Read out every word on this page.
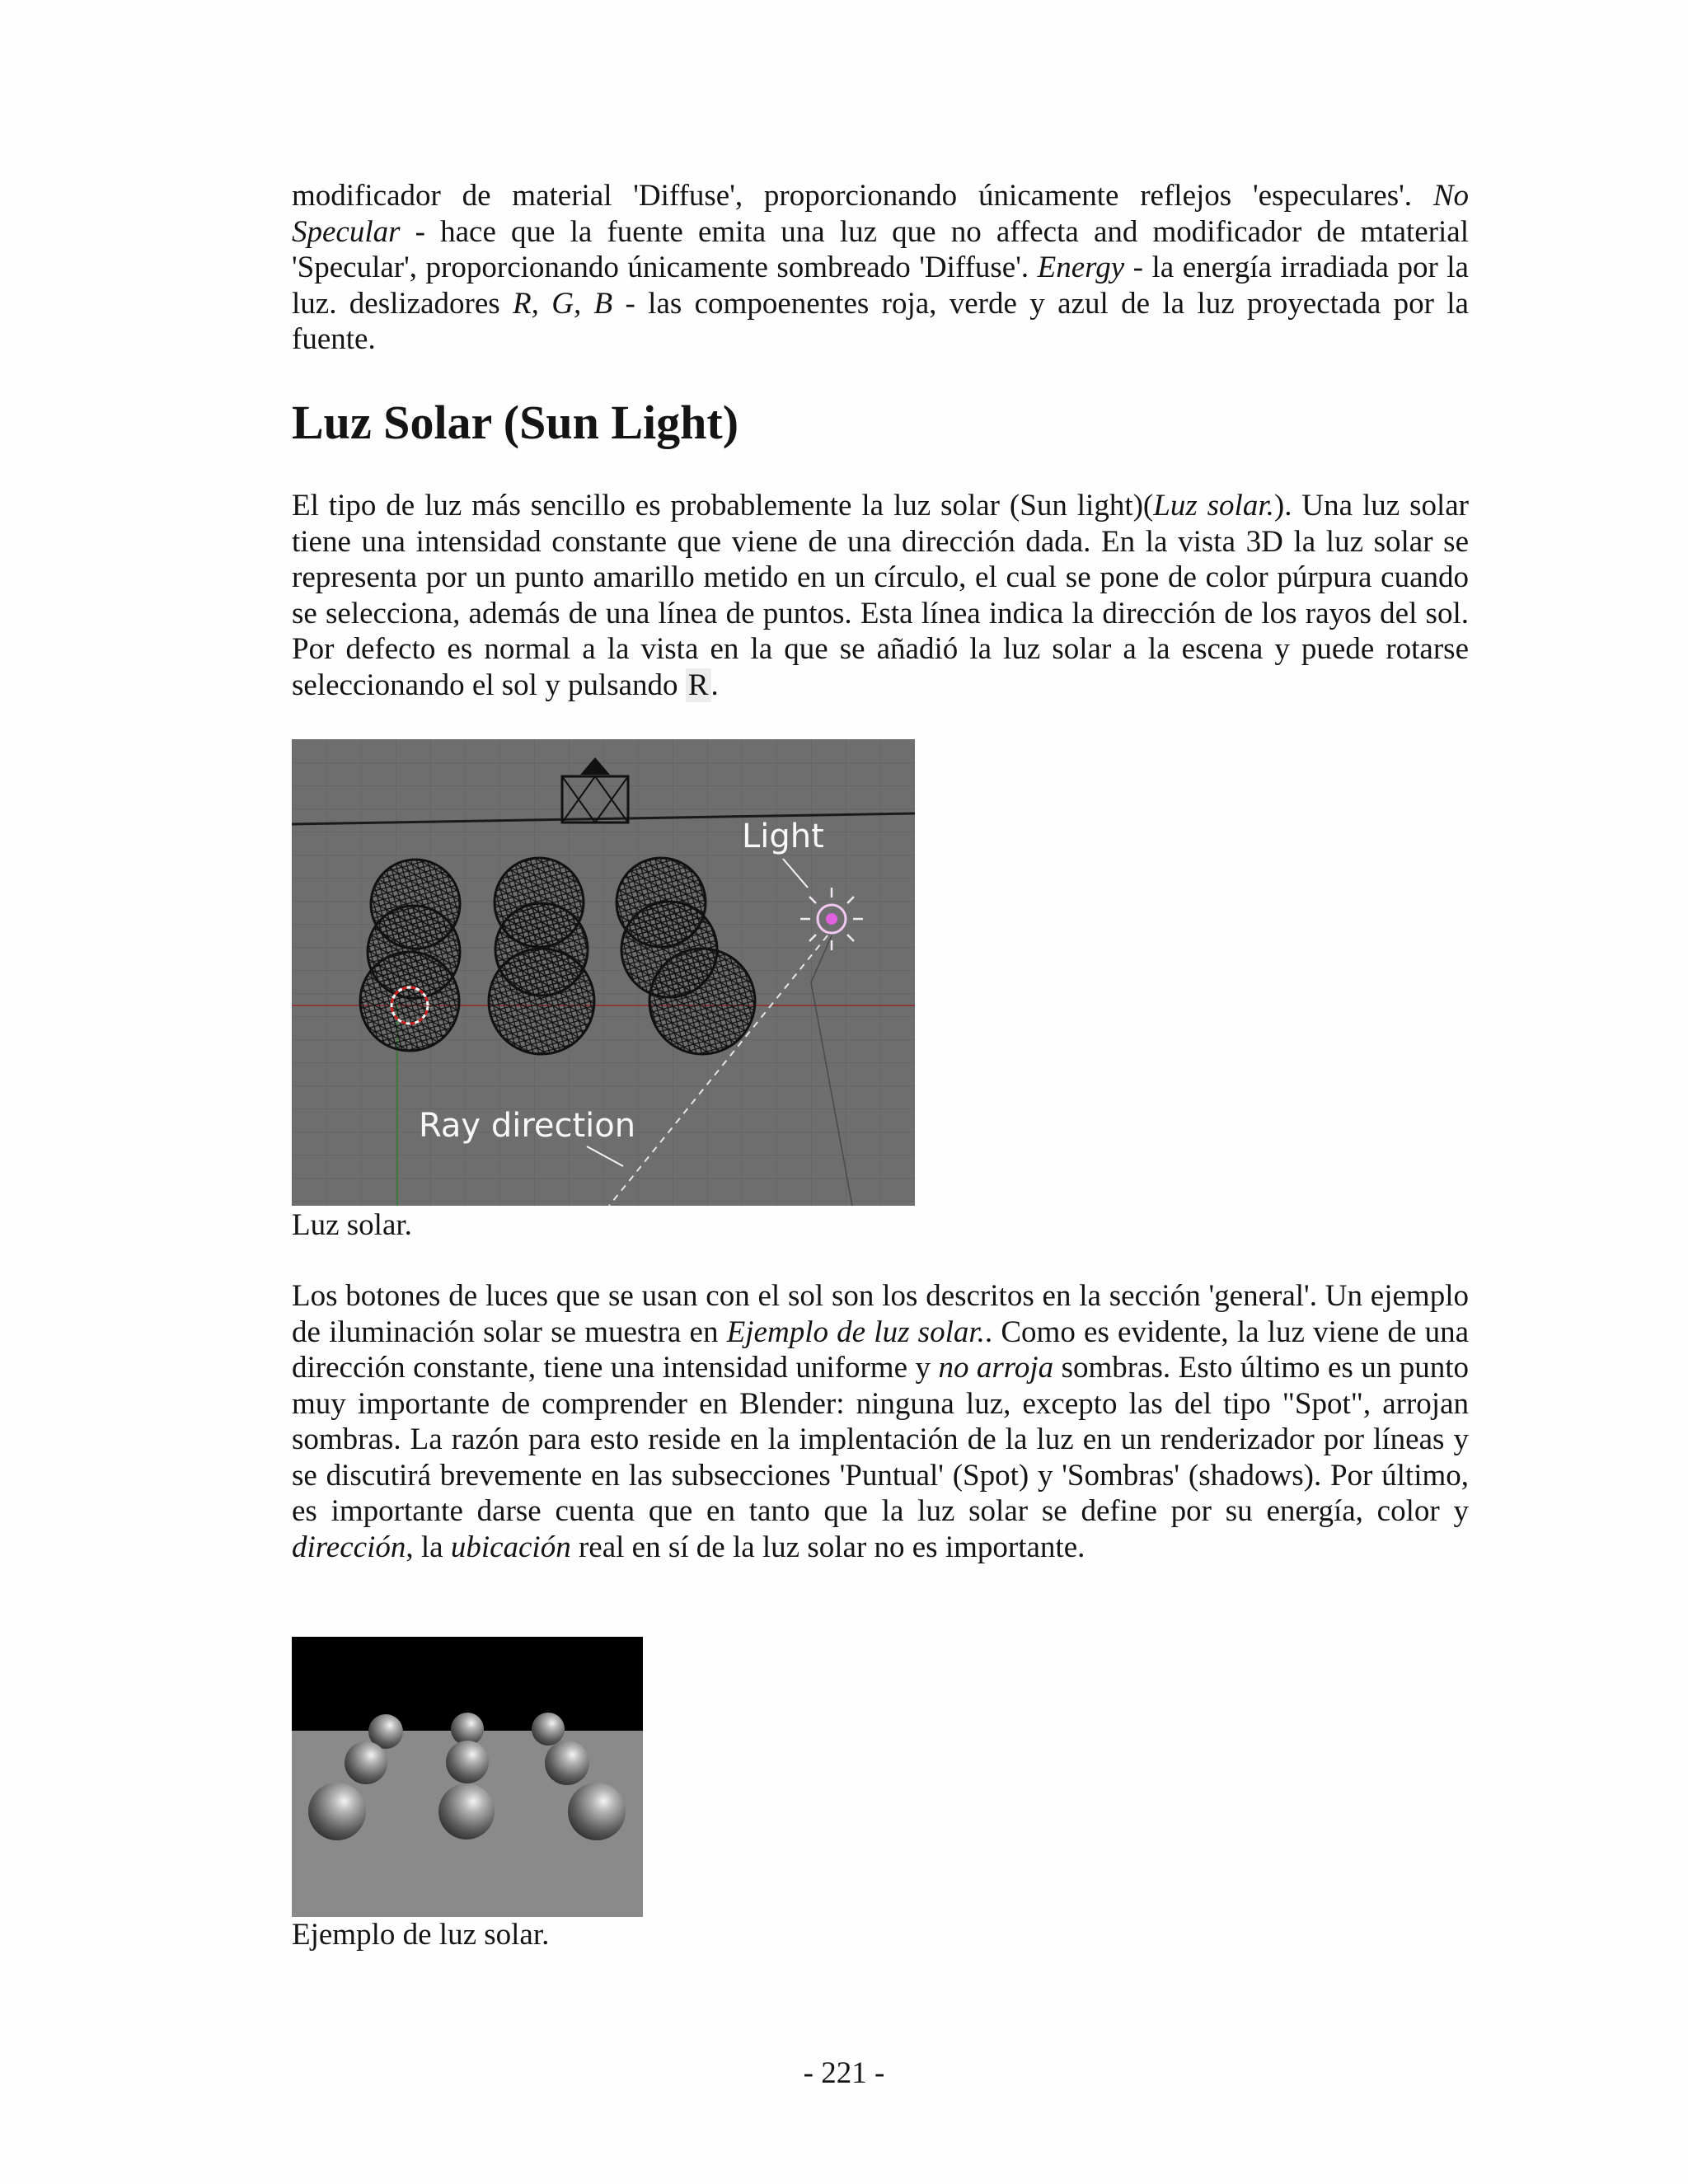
modificador de material 'Diffuse', proporcionando únicamente reflejos 'especulares'. No Specular - hace que la fuente emita una luz que no affecta and modificador de mtaterial 'Specular', proporcionando únicamente sombreado 'Diffuse'. Energy - la energía irradiada por la luz. deslizadores R, G, B - las compoenentes roja, verde y azul de la luz proyectada por la fuente.

Luz Solar (Sun Light)

El tipo de luz más sencillo es probablemente la luz solar (Sun light)(Luz solar.). Una luz solar tiene una intensidad constante que viene de una dirección dada. En la vista 3D la luz solar se representa por un punto amarillo metido en un círculo, el cual se pone de color púrpura cuando se selecciona, además de una línea de puntos. Esta línea indica la dirección de los rayos del sol. Por defecto es normal a la vista en la que se añadió la luz solar a la escena y puede rotarse seleccionando el sol y pulsando R.

Light
Ray direction

Luz solar.

Los botones de luces que se usan con el sol son los descritos en la sección 'general'. Un ejemplo de iluminación solar se muestra en Ejemplo de luz solar.. Como es evidente, la luz viene de una dirección constante, tiene una intensidad uniforme y no arroja sombras. Esto último es un punto muy importante de comprender en Blender: ninguna luz, excepto las del tipo "Spot", arrojan sombras. La razón para esto reside en la implentación de la luz en un renderizador por líneas y se discutirá brevemente en las subsecciones 'Puntual' (Spot) y 'Sombras' (shadows). Por último, es importante darse cuenta que en tanto que la luz solar se define por su energía, color y dirección, la ubicación real en sí de la luz solar no es importante.

Ejemplo de luz solar.

- 221 -
